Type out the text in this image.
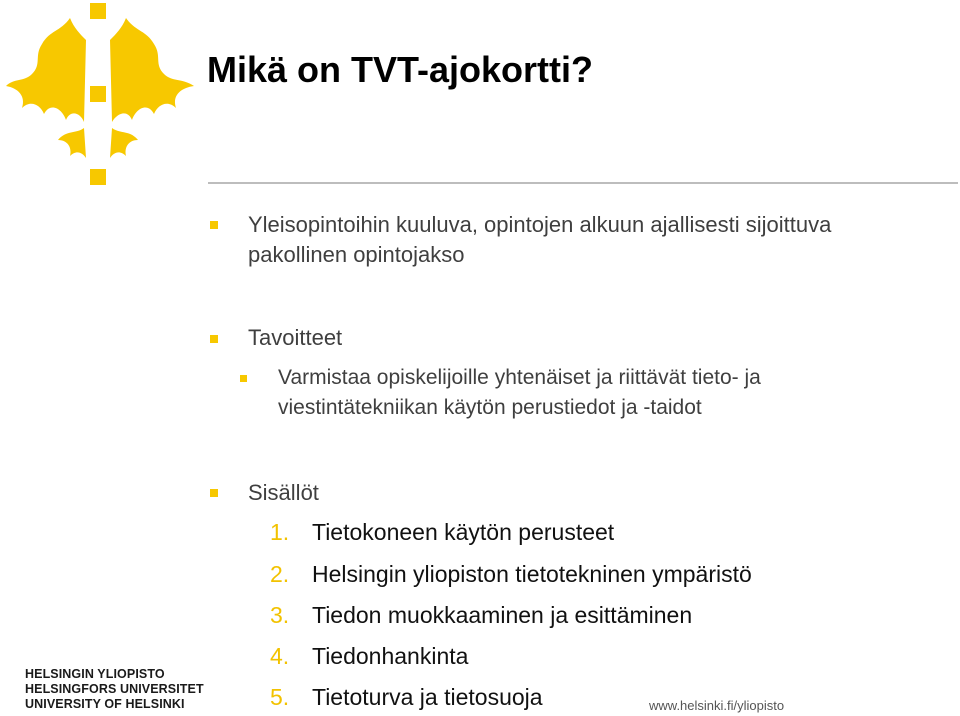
Mikä on TVT-ajokortti?
Yleisopintoihin kuuluva, opintojen alkuun ajallisesti sijoittuva
pakollinen opintojakso
Tavoitteet
Varmistaa opiskelijoille yhtenäiset ja riittävät tieto- ja
viestintätekniikan käytön perustiedot ja -taidot
Sisällöt
1. Tietokoneen käytön perusteet
2. Helsingin yliopiston tietotekninen ympäristö
3. Tiedon muokkaaminen ja esittäminen
4. Tiedonhankinta
5. Tietoturva ja tietosuoja
HELSINGIN YLIOPISTO
HELSINGFORS UNIVERSITET
UNIVERSITY OF HELSINKI	www.helsinki.fi/yliopisto
